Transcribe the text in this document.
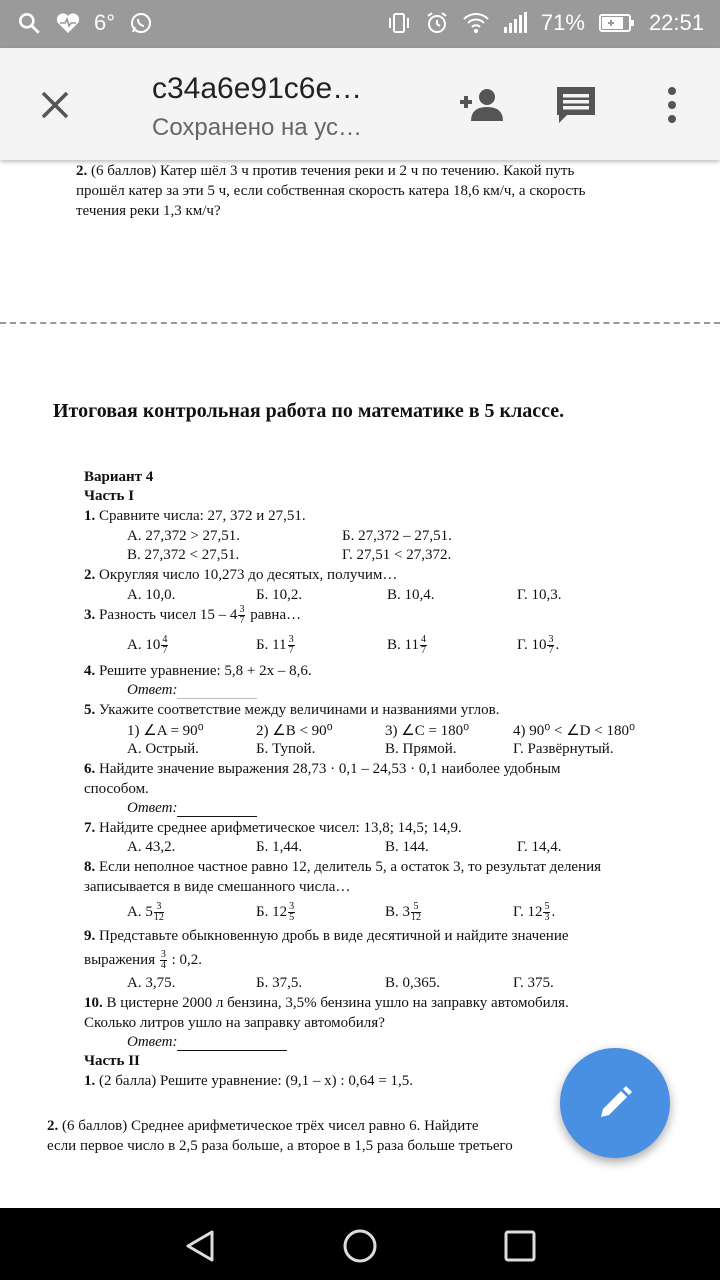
6°	71%	22:51
c34a6e91c6e…
Сохранено на ус…
2. (6 баллов) Катер шёл 3 ч против течения реки и 2 ч по течению. Какой путь
прошёл катер за эти 5 ч, если собственная скорость катера 18,6 км/ч, а скорость
течения реки 1,3 км/ч?
Итоговая контрольная работа по математике в 5 классе.
Вариант 4
Часть I
1. Сравните числа: 27, 372 и 27,51.
А. 27,372 > 27,51.	Б. 27,372 – 27,51.
В. 27,372 < 27,51.	Г. 27,51 < 27,372.
2. Округляя число 10,273 до десятых, получим…
А. 10,0.	Б. 10,2.	В. 10,4.	Г. 10,3.
3. Разность чисел $15 - 4 \frac{3}{7}$ равна…
А. $10 \frac{4}{7}$	Б. $11 \frac{3}{7}$	В. $11 \frac{4}{7}$	Г. $10 \frac{3}{7}$ .
4. Решите уравнение: 5,8 + 2x – 8,6.
Ответ:
5. Укажите соответствие между величинами и названиями углов.
1) ∠A = 90⁰	2) ∠B < 90⁰	3) ∠C = 180⁰	4) 90⁰ < ∠D < 180⁰
А. Острый.	Б. Тупой.	В. Прямой.	Г. Развёрнутый.
6. Найдите значение выражения 28,73 · 0,1 – 24,53 · 0,1 наиболее удобным
способом.
Ответ:
7. Найдите среднее арифметическое чисел: 13,8; 14,5; 14,9.
А. 43,2.	Б. 1,44.	В. 144.	Г. 14,4.
8. Если неполное частное равно 12, делитель 5, а остаток 3, то результат деления
записывается в виде смешанного числа…
А. $5 \frac{3}{12}$	Б. $12 \frac{3}{5}$	В. $3 \frac{5}{12}$	Г. $12 \frac{5}{3}$ .
9. Представьте обыкновенную дробь в виде десятичной и найдите значение
выражения $\frac{3}{4}$ : 0,2.
А. 3,75.	Б. 37,5.	В. 0,365.	Г. 375.
10. В цистерне 2000 л бензина, 3,5% бензина ушло на заправку автомобиля.
Сколько литров ушло на заправку автомобиля?
Ответ:
Часть II
1. (2 балла) Решите уравнение: (9,1 – x) : 0,64 = 1,5.
2. (6 баллов) Среднее арифметическое трёх чисел равно 6. Найдите
если первое число в 2,5 раза больше, а второе в 1,5 раза больше третьего
